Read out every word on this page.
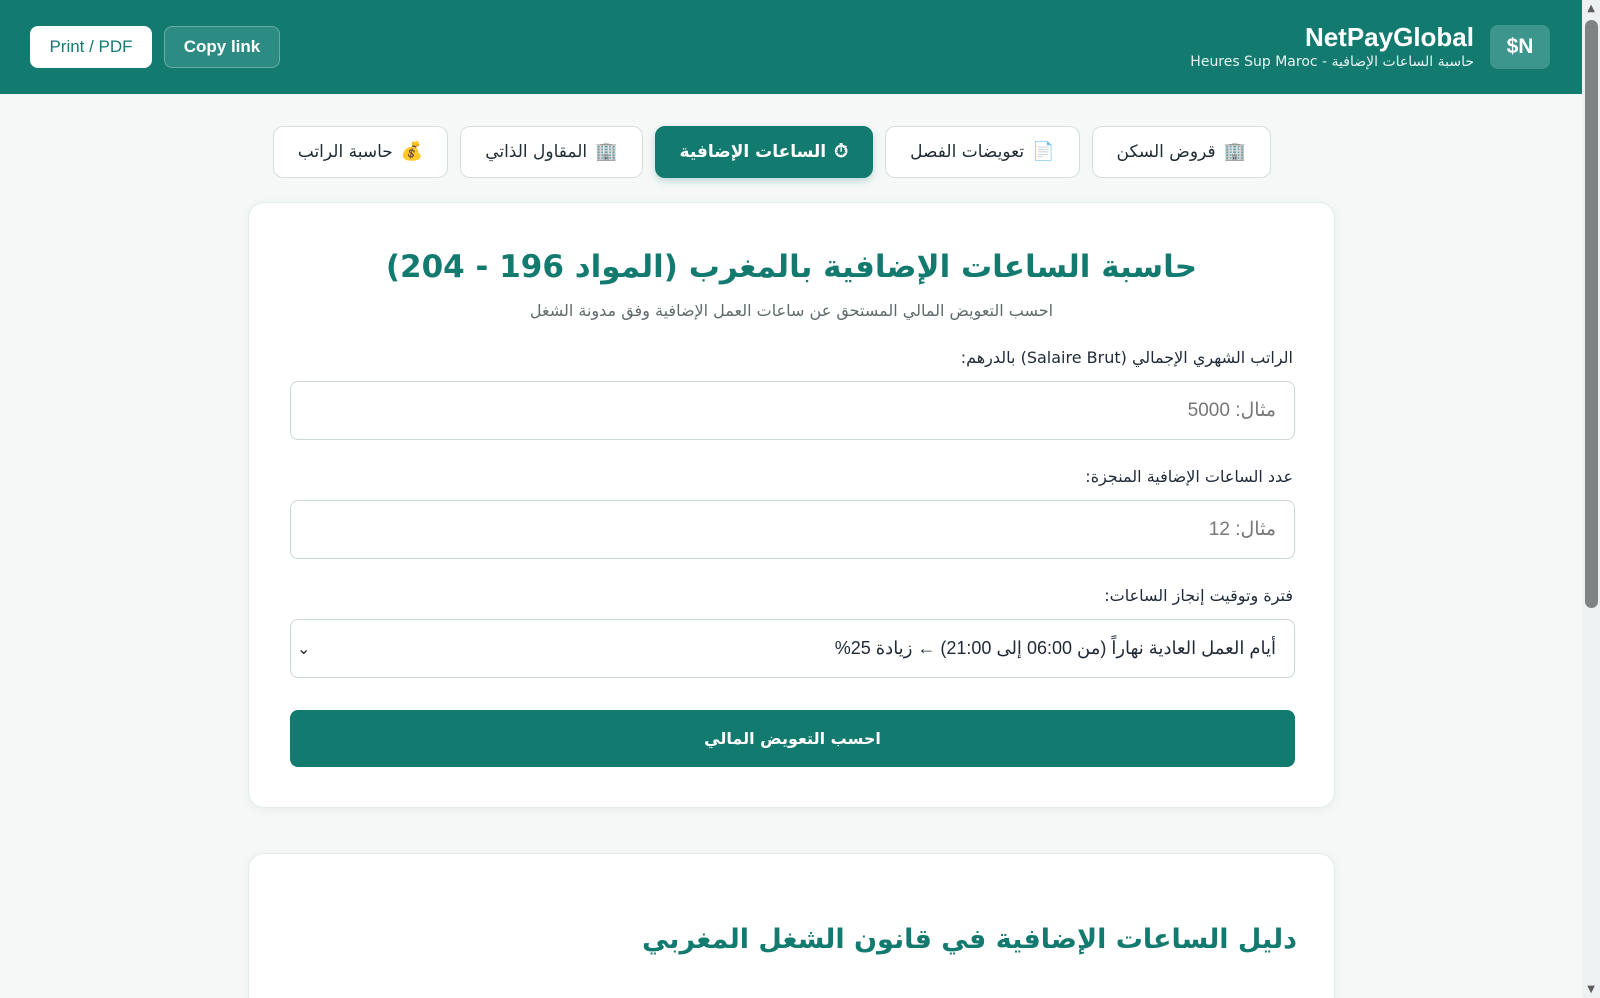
Print / PDF	Copy link	NetPayGlobal
Heures Sup Maroc - حاسبة الساعات الإضافية
$N
🏢
قروض السكن
📄
تعويضات الفصل
⏱
الساعات الإضافية
🏢
المقاول الذاتي
💰
حاسبة الراتب
حاسبة الساعات الإضافية بالمغرب (المواد 196 - 204)

احسب التعويض المالي المستحق عن ساعات العمل الإضافية وفق مدونة الشغل

الراتب الشهري الإجمالي (Salaire Brut) بالدرهم:
مثال: 5000
عدد الساعات الإضافية المنجزة:
مثال: 12
فترة وتوقيت إنجاز الساعات:
أيام العمل العادية نهاراً (من 06:00 إلى 21:00) ← زيادة 25%
⌄
احسب التعويض المالي
دليل الساعات الإضافية في قانون الشغل المغربي
▲
▼
